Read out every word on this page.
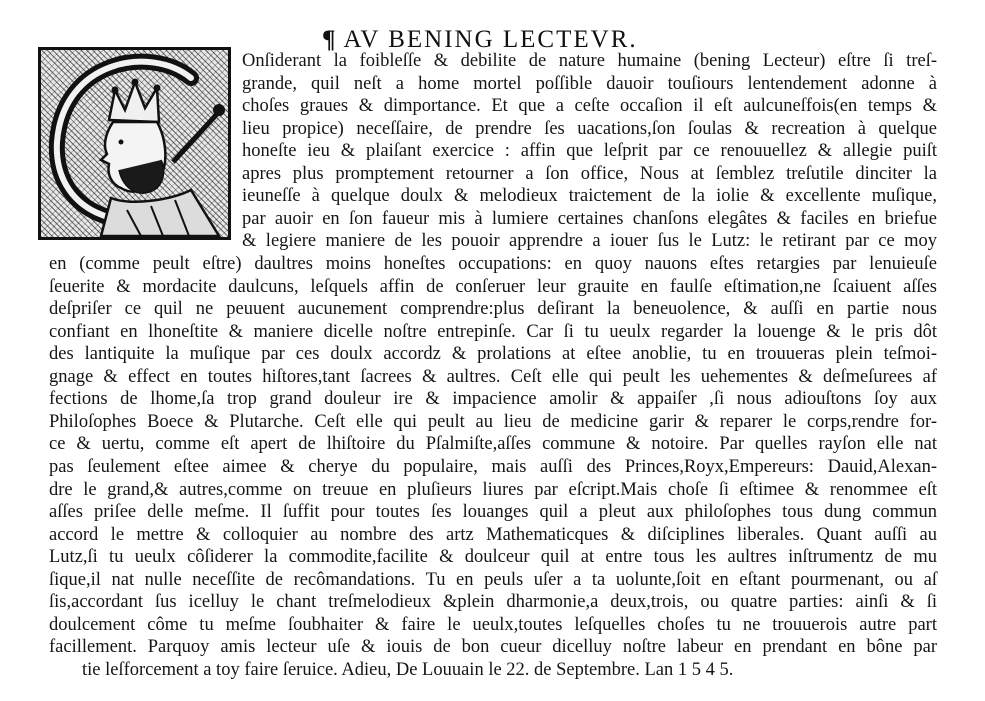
¶ AV BENING LECTEVR.
Onſiderant la foibleſſe & debilite de nature humaine (bening Lecteur) eſtre ſi treſ-
grande, quil neſt a home mortel poſſible dauoir touſiours lentendement adonne à
choſes graues & dimportance. Et que a ceſte occaſion il eſt aulcuneſfois(en temps &
lieu propice) neceſſaire, de prendre ſes uacations,ſon ſoulas & recreation à quelque
honeſte ieu & plaiſant exercice : affin que leſprit par ce renouuellez & allegie puiſt
apres plus promptement retourner a ſon office, Nous at ſemblez treſutile dinciter la
ieuneſſe à quelque doulx & melodieux traictement de la iolie & excellente muſique,
par auoir en ſon faueur mis à lumiere certaines chanſons elegâtes & faciles en briefue
& legiere maniere de les pouoir apprendre a iouer ſus le Lutz: le retirant par ce moy
en (comme peult eſtre) daultres moins honeſtes occupations: en quoy nauons eſtes retargies par lenuieuſe
ſeuerite & mordacite daulcuns, leſquels affin de conſeruer leur grauite en faulſe eſtimation,ne ſcaiuent aſſes
deſpriſer ce quil ne peuuent aucunement comprendre:plus deſirant la beneuolence, & auſſi en partie nous
confiant en lhoneſtite & maniere dicelle noſtre entrepinſe. Car ſi tu ueulx regarder la louenge & le pris dôt
des lantiquite la muſique par ces doulx accordz & prolations at eſtee anoblie, tu en trouueras plein teſmoi-
gnage & effect en toutes hiſtores,tant ſacrees & aultres. Ceſt elle qui peult les uehementes & deſmeſurees af
fections de lhome,ſa trop grand douleur ire & impacience amolir & appaiſer ,ſi nous adiouſtons ſoy aux
Philoſophes Boece & Plutarche. Ceſt elle qui peult au lieu de medicine garir & reparer le corps,rendre for-
ce & uertu, comme eſt apert de lhiſtoire du Pſalmiſte,aſſes commune & notoire. Par quelles rayſon elle nat
pas ſeulement eſtee aimee & cherye du populaire, mais auſſi des Princes,Royx,Empereurs: Dauid,Alexan-
dre le grand,& autres,comme on treuue en pluſieurs liures par eſcript.Mais choſe ſi eſtimee & renommee eſt
aſſes priſee delle meſme. Il ſuffit pour toutes ſes louanges quil a pleut aux philoſophes tous dung commun
accord le mettre & colloquier au nombre des artz Mathematicques & diſciplines liberales. Quant auſſi au
Lutz,ſi tu ueulx côſiderer la commodite,facilite & doulceur quil at entre tous les aultres inſtrumentz de mu
ſique,il nat nulle neceſſite de recômandations. Tu en peuls uſer a ta uolunte,ſoit en eſtant pourmenant, ou aſ
ſis,accordant ſus icelluy le chant treſmelodieux &plein dharmonie,a deux,trois, ou quatre parties: ainſi & ſi
doulcement côme tu meſme ſoubhaiter & faire le ueulx,toutes leſquelles choſes tu ne trouuerois autre part
facillement. Parquoy amis lecteur uſe & iouis de bon cueur dicelluy noſtre labeur en prendant en bône par
tie leſforcement a toy faire ſeruice. Adieu, De Louuain le 22. de Septembre. Lan 1 5 4 5.
